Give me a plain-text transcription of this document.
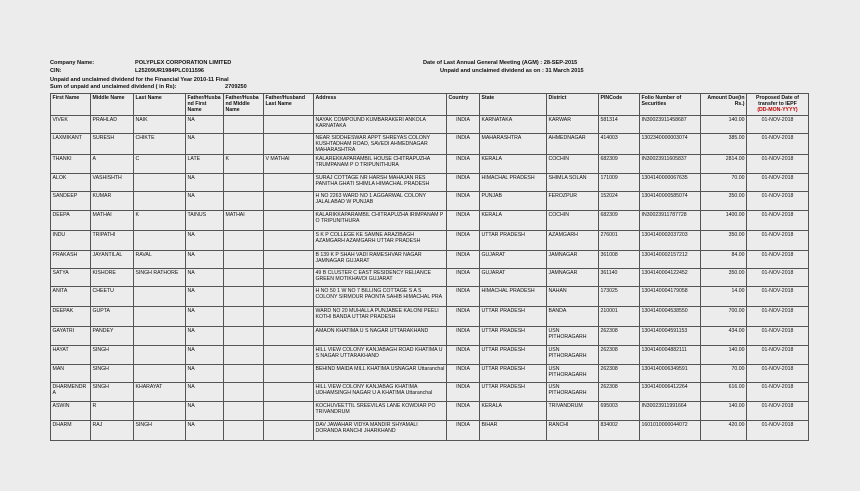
Company Name:	POLYPLEX CORPORATION LIMITED
CIN:	L25209UR1984PLC011596
Date of Last Annual General Meeting (AGM) : 28-SEP-2015
Unpaid and unclaimed dividend as on : 31 March 2015
Unpaid and unclaimed dividend for the Financial Year 2010-11 Final
Sum of unpaid and unclaimed dividend ( in Rs):	2709250
First Name	Middle Name	Last Name	Father/Husband First Name	Father/Husband Middle Name	Father/Husband Last Name	Address	Country	State	District	PINCode	Folio Number of Securities	Amount Due(in Rs.)	Proposed Date of transfer to IEPF
(DD-MON-YYYY)
VIVEK	PRAHLAD	NAIK	NA			NAYAK COMPOUND KUMBARAKERI ANKOLA KARNATAKA	INDIA	KARNATAKA	KARWAR	581314	IN30023911458687	140.00	01-NOV-2018
LAXMIKANT	SURESH	CHIKTE	NA			NEAR SIDDHESWAR APPT SHREYAS COLONY KUSHTADHAM ROAD, SAVEDI AHMEDNAGAR MAHARASHTRA	INDIA	MAHARASHTRA	AHMEDNAGAR	414003	1302340000003074	385.00	01-NOV-2018
THANKI	A	C	LATE	K	V MATHAI	KALAREKKAPARAMBIL HOUSE CHITRAPUZHA TRUMPANAM P O TRIPUNITHURA	INDIA	KERALA	COCHIN	682309	IN30023911605837	2814.00	01-NOV-2018
ALOK	VASHISHTH		NA			SURAJ COTTAGE NR HARSH MAHAJAN RES PANITHA GHATI SHIMLA HIMACHAL PRADESH	INDIA	HIMACHAL PRADESH	SHIMLA SOLAN	171009	1304140000067635	70.00	01-NOV-2018
SANDEEP	KUMAR		NA			H NO 2263 WARD NO 1 AGGARWAL COLONY JALALABAD W PUNJAB	INDIA	PUNJAB	FEROZPUR	152024	1304140000585074	350.00	01-NOV-2018
DEEPA	MATHAI	K	TAINUS	MATHAI		KALARIKKAPARAMBIL CHITRAPUZHA IRIMPANAM P O TRIPUNITHURA	INDIA	KERALA	COCHIN	682309	IN30023911787728	1400.00	01-NOV-2018
INDU	TRIPATHI		NA			S K P COLLEGE KE SAMNE ARAZIBAGH AZAMGARH AZAMGARH UTTAR PRADESH	INDIA	UTTAR PRADESH	AZAMGARH	276001	1304140002037203	350.00	01-NOV-2018
PRAKASH	JAYANTILAL	RAVAL	NA			B 139 K P SHAH VADI RAMESHVAR NAGAR JAMNAGAR GUJARAT	INDIA	GUJARAT	JAMNAGAR	361008	1304140002157212	84.00	01-NOV-2018
SATYA	KISHORE	SINGH RATHORE	NA			49 B CLUSTER C EAST RESIDENCY RELIANCE GREEN MOTIKHAVDI GUJARAT	INDIA	GUJARAT	JAMNAGAR	361140	1304140004122452	350.00	01-NOV-2018
ANITA	CHEETU		NA			H NO 50 1 W NO 7 BILLING COTTAGE S A S COLONY SIRMOUR PAONTA SAHIB HIMACHAL PRA	INDIA	HIMACHAL PRADESH	NAHAN	173025	1304140004179058	14.00	01-NOV-2018
DEEPAK	GUPTA		NA			WARD NO 20 MUHALLA PUNJABEE KALONI PEELI KOTHI BANDA UTTAR PRADESH	INDIA	UTTAR PRADESH	BANDA	210001	1304140004538550	700.00	01-NOV-2018
GAYATRI	PANDEY		NA			AMAON KHATIMA U S NAGAR UTTARAKHAND	INDIA	UTTAR PRADESH	USN PITHORAGARH	262308	1304140004591153	434.00	01-NOV-2018
HAYAT	SINGH		NA			HILL VIEW COLONY KANJABAGH ROAD KHATIMA U S NAGAR UTTARAKHAND	INDIA	UTTAR PRADESH	USN PITHORAGARH	262308	1304140004882111	140.00	01-NOV-2018
MAN	SINGH		NA			BEHIND MAIDA MILL KHATIMA USNAGAR Uttaranchal	INDIA	UTTAR PRADESH	USN PITHORAGARH	262308	1304140006349591	70.00	01-NOV-2018
DHARMENDRA	SINGH	KHARAYAT	NA			HILL VIEW COLONY KANJABAG KHATIMA UDHAMSINGH NAGAR U A KHATIMA Uttaranchal	INDIA	UTTAR PRADESH	USN PITHORAGARH	262308	1304140006412264	616.00	01-NOV-2018
ASWIN	R		NA			KOCHUVEETTIL SREEVILAS LANE KOWDIAR PO TRIVANDRUM	INDIA	KERALA	TRIVANDRUM	695003	IN30023911991664	140.00	01-NOV-2018
DHARM	RAJ	SINGH	NA			DAV JAWAHAR VIDYA MANDIR SHYAMALI DORANDA RANCHI JHARKHAND	INDIA	BIHAR	RANCHI	834002	1601010000044072	420.00	01-NOV-2018
